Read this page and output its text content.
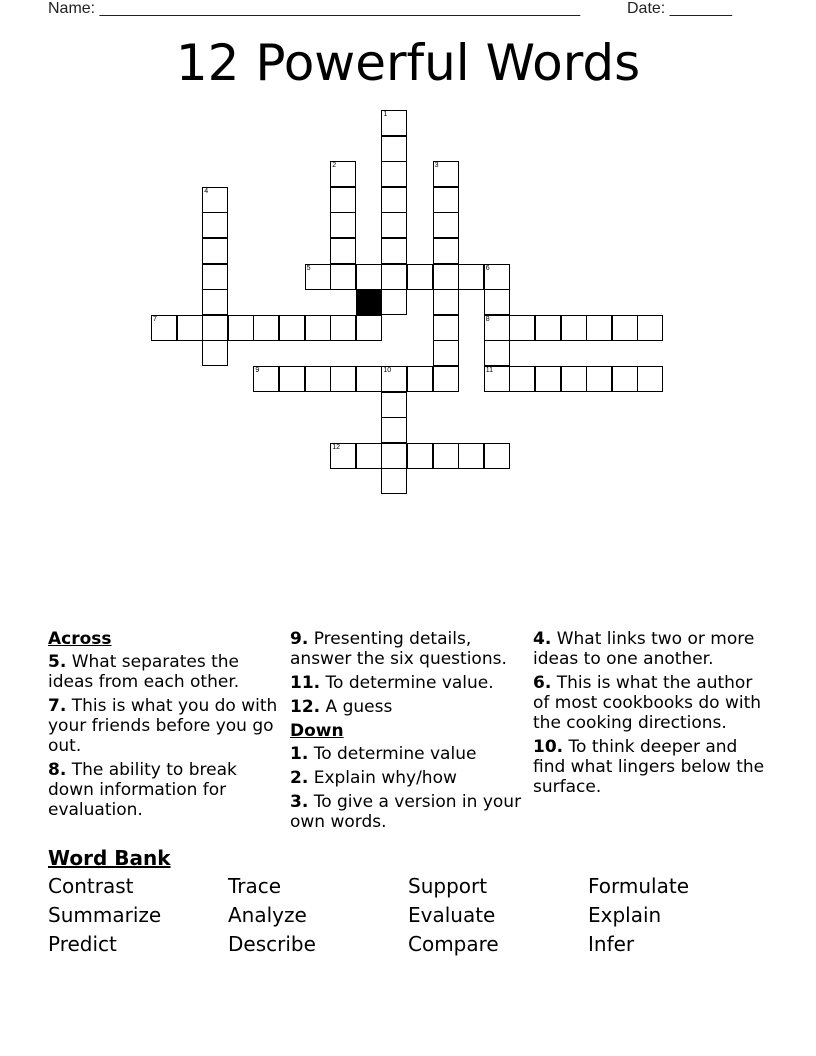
Name: ______________________________________________________	Date: _______
12 Powerful Words
1
2	3
4
5	6
8
7
9	10	11
12
Across
5. What separates the ideas from each other.
7. This is what you do with your friends before you go out.
8. The ability to break down information for evaluation.
9. Presenting details, answer the six questions.
11. To determine value.
12. A guess
Down
1. To determine value
2. Explain why/how
3. To give a version in your own words.
4. What links two or more ideas to one another.
6. This is what the author of most cookbooks do with the cooking directions.
10. To think deeper and find what lingers below the surface.
Word Bank
Contrast	Trace	Support	Formulate
Summarize	Analyze	Evaluate	Explain
Predict	Describe	Compare	Infer
